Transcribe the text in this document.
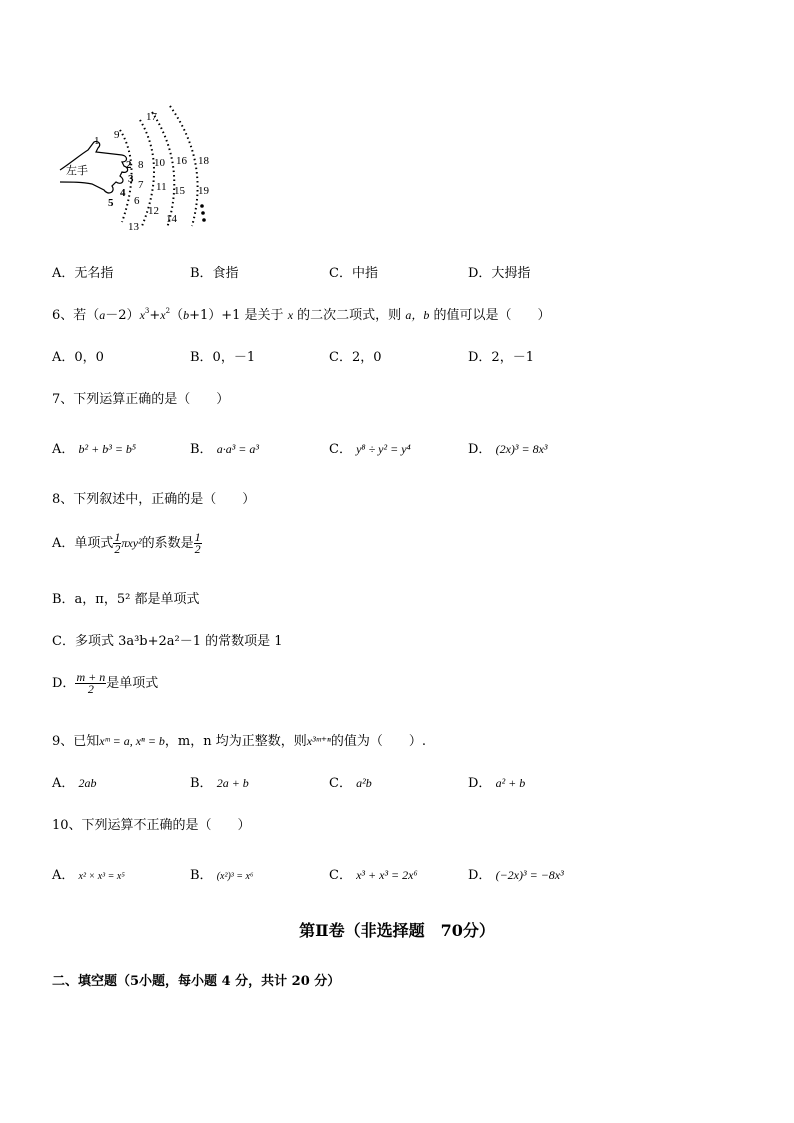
左手
1
2
3
4
5 6
7
8
9
10
11
12
13
14
15
16
17
18
19
A．无名指	B．食指	C．中指	D．大拇指
6、若$(a-2)x^3+x^2(b+1)+1$ 是关于 x 的二次二项式，则 a，b 的值可以是（　　）
A．0，0	B．0，－1	C．2，0	D．2，－1
7、下列运算正确的是（　　）
A． b² + b³ = b⁵	B． a·a³ = a³	C． y⁸ ÷ y² = y⁴	D． (2x)³ = 8x³
8、下列叙述中，正确的是（　　）
A．单项式 $\frac{1}{2} \pi xy^2$的系数是 $\frac{1}{2}$
B．a，π，5² 都是单项式
C．多项式 3a³b+2a²－1 的常数项是 1
D． $\frac{m + n}{2}$ 是单项式
9、已知xᵐ = a, xⁿ = b，m，n 均为正整数，则x³ᵐ⁺ⁿ的值为（　　）.
A． 2ab	B． 2a + b	C． a²b	D． a² + b
10、下列运算不正确的是（　　）
A． x² × x³ = x⁵	B． (x²)³ = x⁶	C． x³ + x³ = 2x⁶	D． (−2x)³ = −8x³
第Ⅱ卷（非选择题　70分）
二、填空题（5小题，每小题 4 分，共计 20 分）
